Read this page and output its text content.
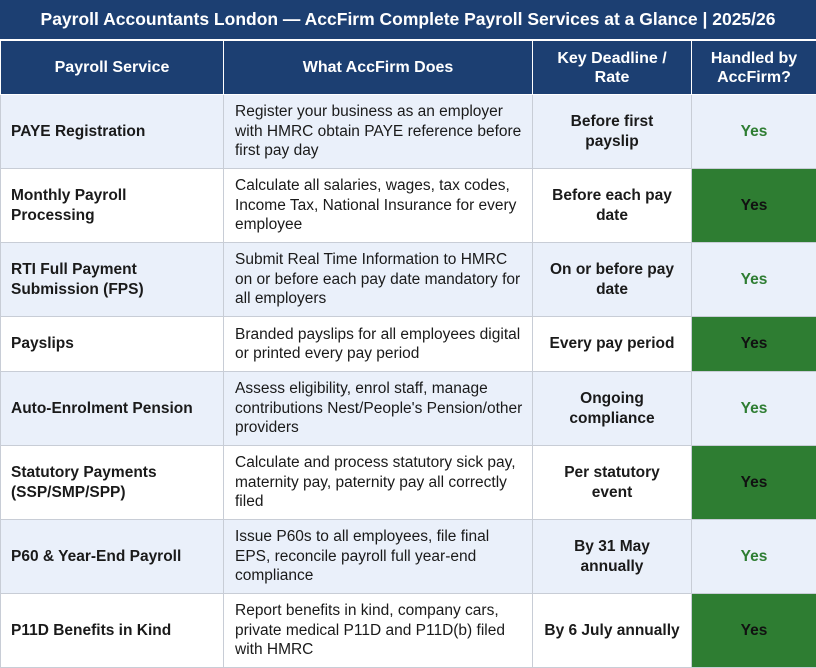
Payroll Accountants London — AccFirm Complete Payroll Services at a Glance | 2025/26
Payroll Service	What AccFirm Does	Key Deadline / Rate	Handled by AccFirm?
PAYE Registration	Register your business as an employer with HMRC obtain PAYE reference before first pay day	Before first payslip	Yes
Monthly Payroll Processing	Calculate all salaries, wages, tax codes, Income Tax, National Insurance for every employee	Before each pay date	Yes
RTI Full Payment Submission (FPS)	Submit Real Time Information to HMRC on or before each pay date mandatory for all employers	On or before pay date	Yes
Payslips	Branded payslips for all employees digital or printed every pay period	Every pay period	Yes
Auto-Enrolment Pension	Assess eligibility, enrol staff, manage contributions Nest/People's Pension/other providers	Ongoing compliance	Yes
Statutory Payments (SSP/SMP/SPP)	Calculate and process statutory sick pay, maternity pay, paternity pay all correctly filed	Per statutory event	Yes
P60 & Year-End Payroll	Issue P60s to all employees, file final EPS, reconcile payroll full year-end compliance	By 31 May annually	Yes
P11D Benefits in Kind	Report benefits in kind, company cars, private medical P11D and P11D(b) filed with HMRC	By 6 July annually	Yes
